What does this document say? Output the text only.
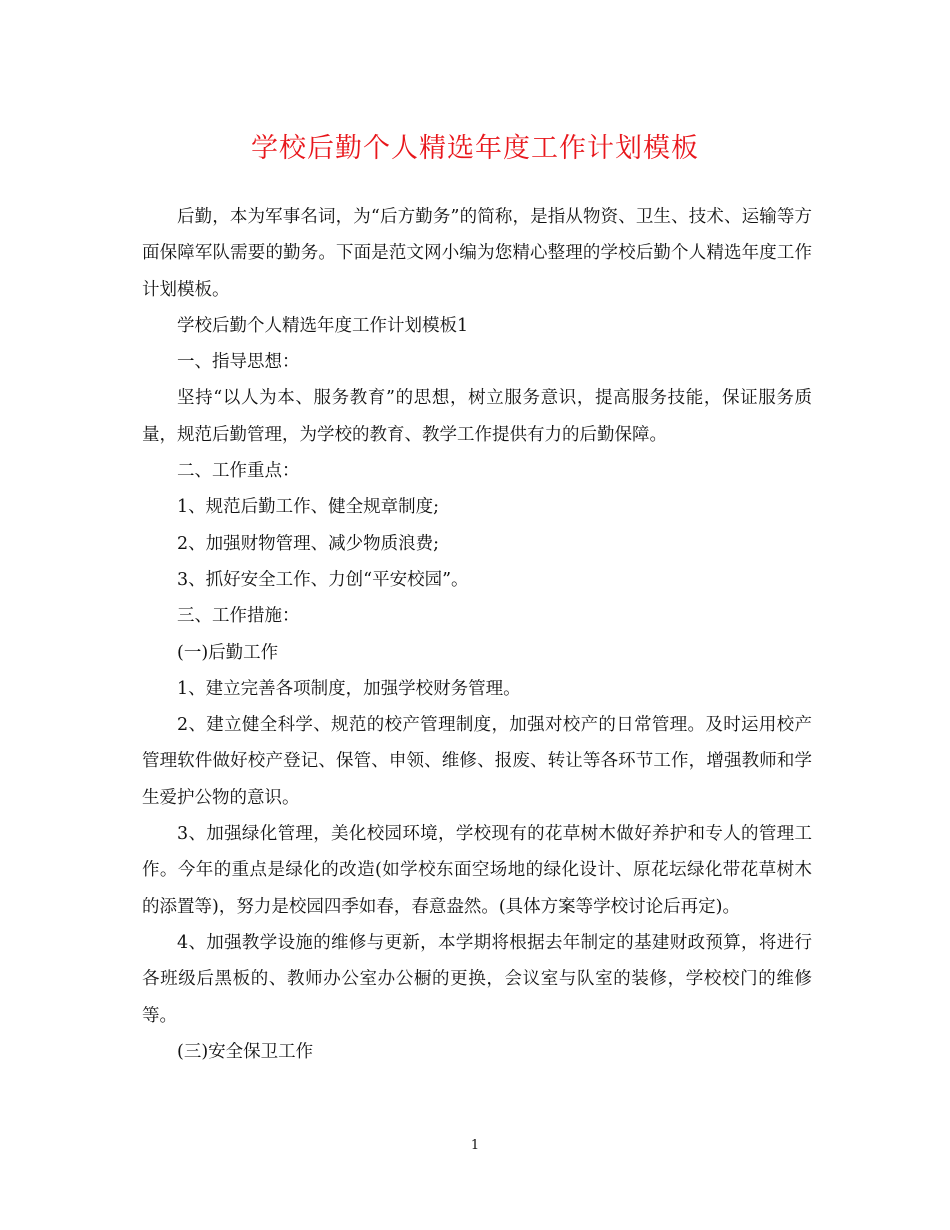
学校后勤个人精选年度工作计划模板

后勤，本为军事名词，为“后方勤务”的简称，是指从物资、卫生、技术、运输等方面保障军队需要的勤务。下面是范文网小编为您精心整理的学校后勤个人精选年度工作计划模板。

学校后勤个人精选年度工作计划模板1

一、指导思想：

坚持“以人为本、服务教育”的思想，树立服务意识，提高服务技能，保证服务质量，规范后勤管理，为学校的教育、教学工作提供有力的后勤保障。

二、工作重点：

1、规范后勤工作、健全规章制度;

2、加强财物管理、减少物质浪费;

3、抓好安全工作、力创“平安校园”。

三、工作措施：

(一)后勤工作

1、建立完善各项制度，加强学校财务管理。

2、建立健全科学、规范的校产管理制度，加强对校产的日常管理。及时运用校产管理软件做好校产登记、保管、申领、维修、报废、转让等各环节工作，增强教师和学生爱护公物的意识。

3、加强绿化管理，美化校园环境，学校现有的花草树木做好养护和专人的管理工作。今年的重点是绿化的改造(如学校东面空场地的绿化设计、原花坛绿化带花草树木的添置等)，努力是校园四季如春，春意盎然。(具体方案等学校讨论后再定)。

4、加强教学设施的维修与更新，本学期将根据去年制定的基建财政预算，将进行各班级后黑板的、教师办公室办公橱的更换，会议室与队室的装修，学校校门的维修等。

(三)安全保卫工作

1
